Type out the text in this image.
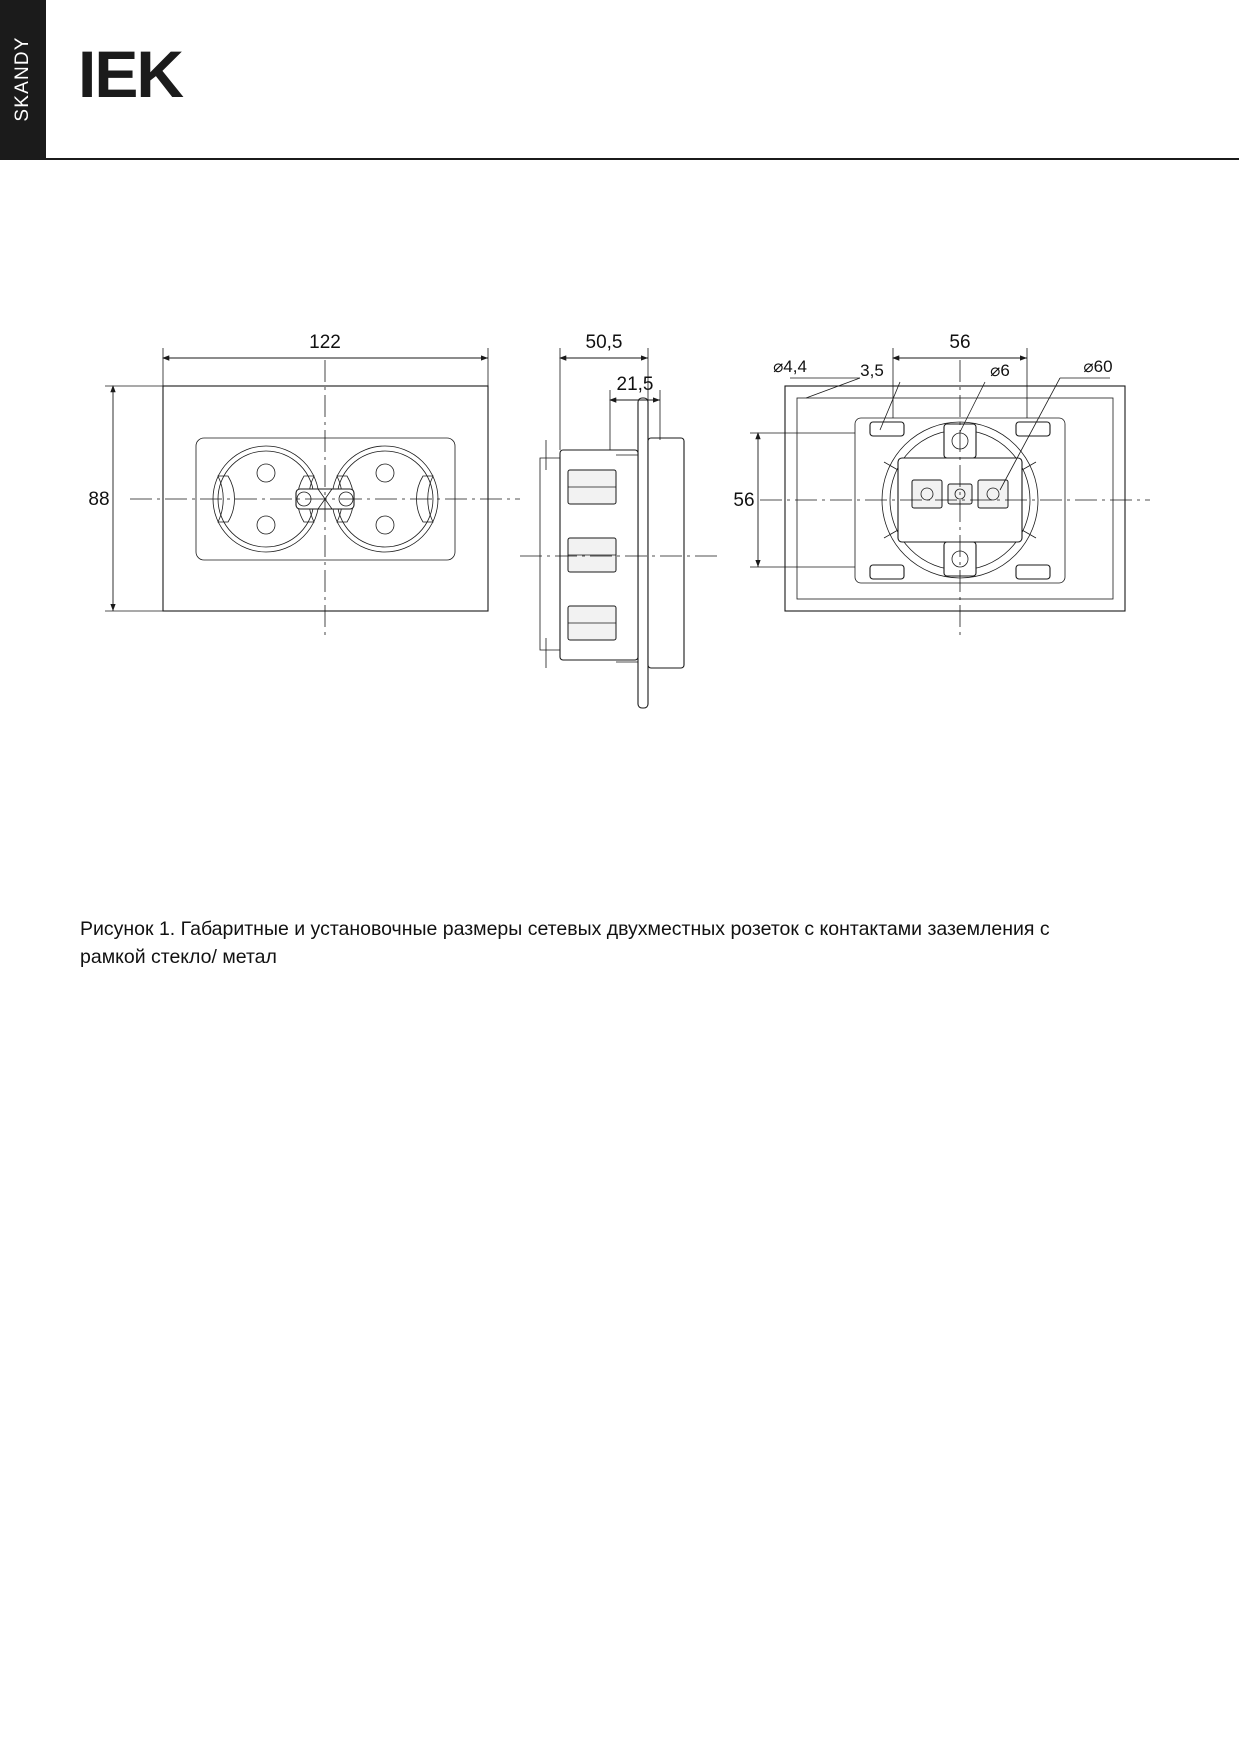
SKANDY IEK
122
88
50,5
21,5
56
56
⌀4,4	3,5	⌀6	⌀60
Рисунок 1. Габаритные и установочные размеры сетевых двухместных розеток с контактами заземления с рамкой стекло/ метал
